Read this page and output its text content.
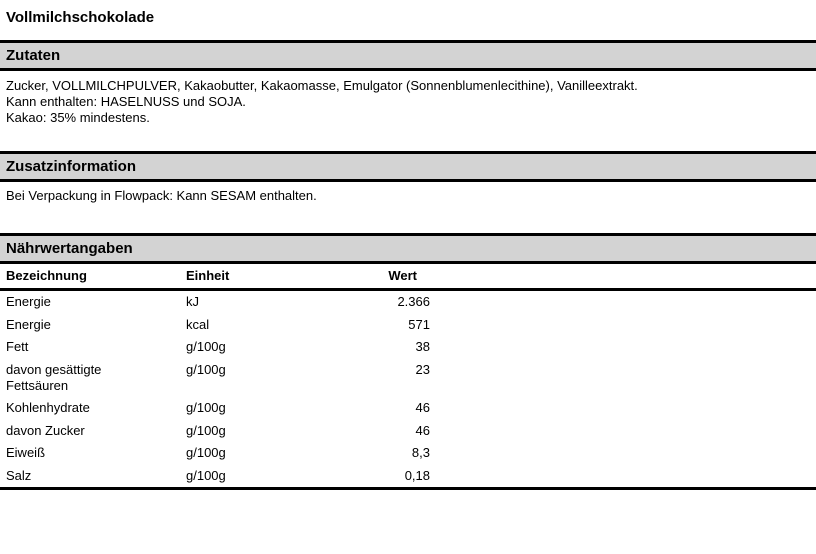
Vollmilchschokolade
Zutaten
Zucker, VOLLMILCHPULVER, Kakaobutter, Kakaomasse, Emulgator (Sonnenblumenlecithine), Vanilleextrakt.
Kann enthalten: HASELNUSS und SOJA.
Kakao: 35% mindestens.
Zusatzinformation
Bei Verpackung in Flowpack: Kann SESAM enthalten.
Nährwertangaben
Bezeichnung	Einheit	Wert	
Energie	kJ	2.366	
Energie	kcal	571	
Fett	g/100g	38	
davon gesättigte Fettsäuren	g/100g	23	
Kohlenhydrate	g/100g	46	
davon Zucker	g/100g	46	
Eiweiß	g/100g	8,3	
Salz	g/100g	0,18	
